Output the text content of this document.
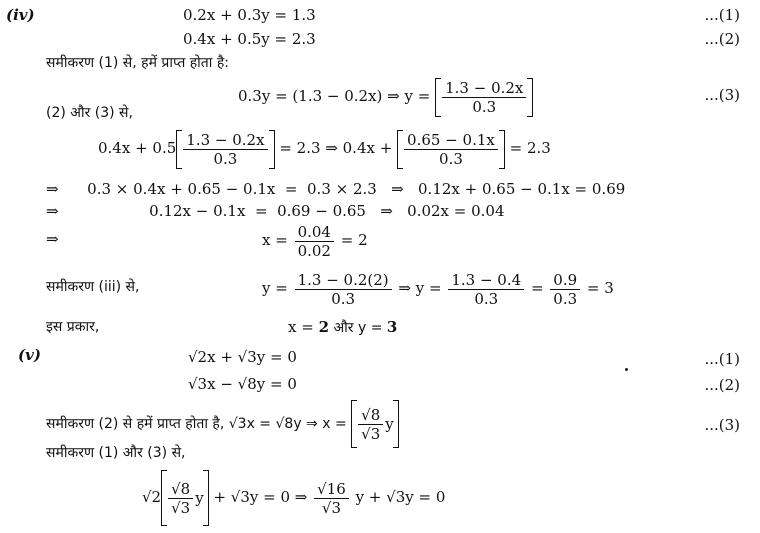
(iv)	0.2x + 0.3y = 1.3	...(1)
0.4x + 0.5y = 2.3	...(2)
समीकरण (1) से, हमें प्राप्त होता है:
0.3y = (1.3 − 0.2x) ⇒ $y = \frac{1.3 - 0.2x}{0.3}$	...(3)
(2) और (3) से,
$0.4x + 0.5 \frac{1.3 - 0.2x}{0.3} = 2.3$ ⇒ $0.4x + \frac{0.65 - 0.1x}{0.3} = 2.3$
⇒      0.3 × 0.4x + 0.65 − 0.1x  =  0.3 × 2.3   ⇒   0.12x + 0.65 − 0.1x = 0.69
⇒                   0.12x − 0.1x  =  0.69 − 0.65   ⇒   0.02x = 0.04
⇒	$x = \frac{0.04}{0.02} = 2$
समीकरण (iii) से,	$y = \frac{1.3 - 0.2(2)}{0.3}$ ⇒ $y = \frac{1.3 - 0.4}{0.3} = \frac{0.9}{0.3} = 3$
इस प्रकार,	x = 2 और y = 3
(v)	√2x + √3y = 0	...(1)
√3x − √8y = 0	...(2)
समीकरण (2) से हमें प्राप्त होता है, √3x = √8y ⇒ $x = \frac{√8}{√3}$ y	...(3)
समीकरण (1) और (3) से,
$√2 \frac{√8}{√3}$ y + √3y = 0 ⇒ $\frac{√16}{√3}$ y + √3y = 0
